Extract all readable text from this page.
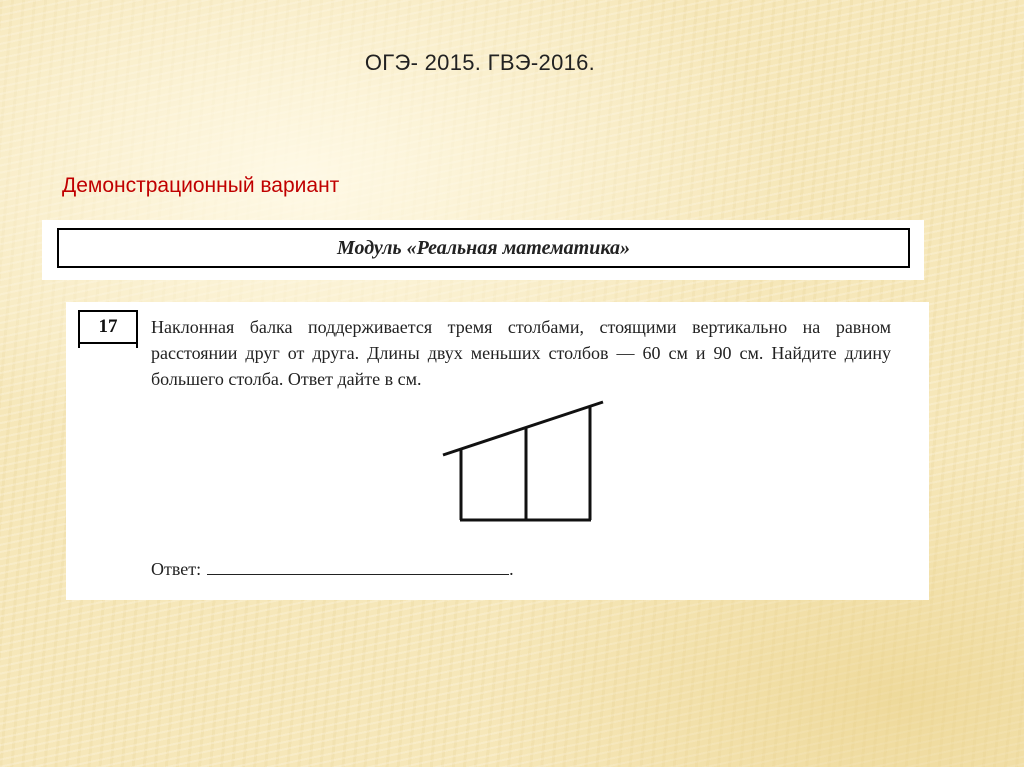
ОГЭ- 2015. ГВЭ-2016.
Демонстрационный вариант
Модуль «Реальная математика»
17	Наклонная балка поддерживается тремя столбами, стоящими вертикально на равном расстоянии друг от друга. Длины двух меньших столбов — 60 см и 90 см. Найдите длину большего столба. Ответ дайте в см.
Ответ:	.
